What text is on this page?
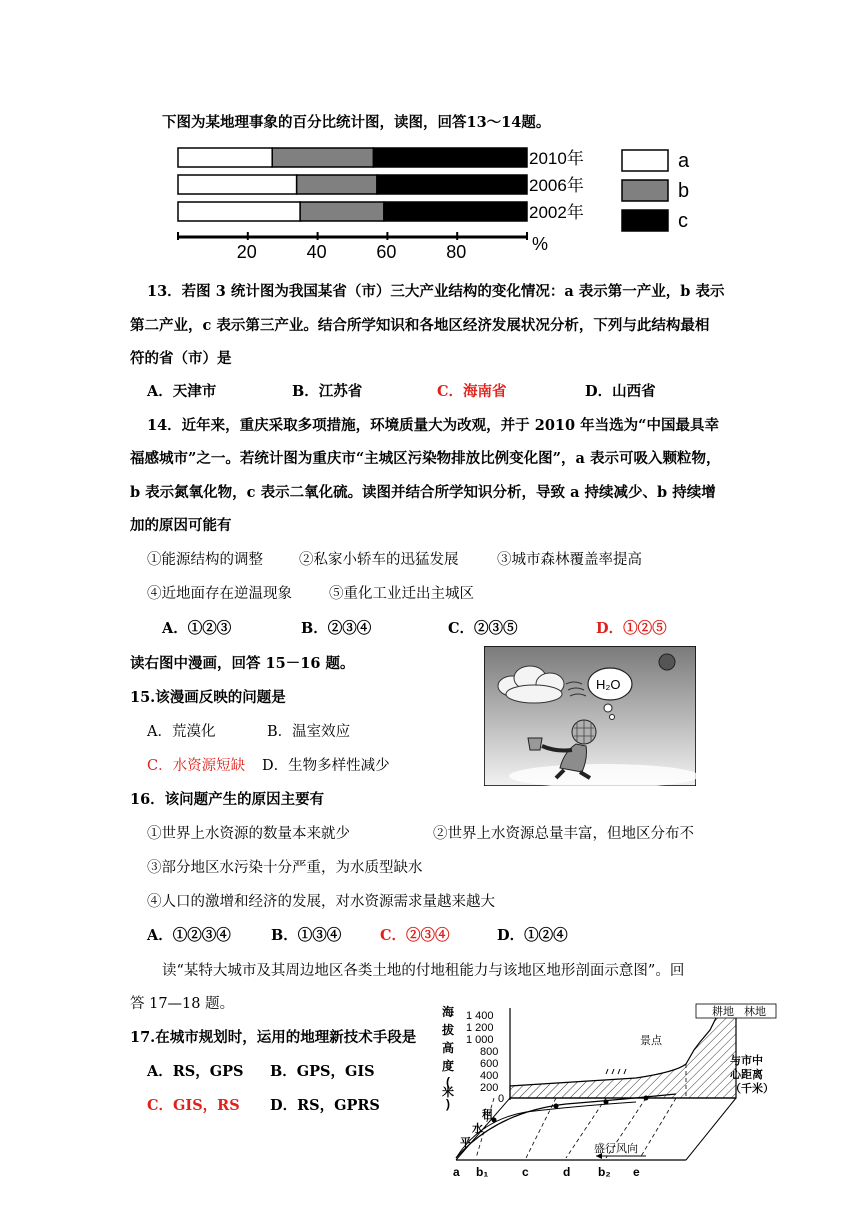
下图为某地理事象的百分比统计图，读图，回答13～14题。
2010年
2006年
2002年
20	40	60	80	%
a
b
c
13．若图 3 统计图为我国某省（市）三大产业结构的变化情况：a 表示第一产业，b 表示
第二产业，c 表示第三产业。结合所学知识和各地区经济发展状况分析，下列与此结构最相
符的省（市）是
A．天津市	B．江苏省	C．海南省	D．山西省
14．近年来，重庆采取多项措施，环境质量大为改观，并于 2010 年当选为“中国最具幸
福感城市”之一。若统计图为重庆市“主城区污染物排放比例变化图”，a 表示可吸入颗粒物，
b 表示氮氧化物，c 表示二氧化硫。读图并结合所学知识分析，导致 a 持续减少、b 持续增
加的原因可能有
①能源结构的调整 ②私家小轿车的迅猛发展	③城市森林覆盖率提高
④近地面存在逆温现象	⑤重化工业迁出主城区
A．①②③	B．②③④	C．②③⑤	D．①②⑤
读右图中漫画，回答 15－16 题。
H₂O
15.该漫画反映的问题是
A．荒漠化	B．温室效应
C．水资源短缺 D．生物多样性减少
16．该问题产生的原因主要有
①世界上水资源的数量本来就少	②世界上水资源总量丰富，但地区分布不
③部分地区水污染十分严重，为水质型缺水
④人口的激增和经济的发展，对水资源需求量越来越大
A．①②③④	B．①③④	C．②③④	D．①②④
读“某特大城市及其周边地区各类土地的付地租能力与该地区地形剖面示意图”。回
答 17—18 题。
17.在城市规划时，运用的地理新技术手段是
A．RS，GPS B．GPS，GIS
C．GIS，RS D．RS，GPRS
海
拔
高
度
(
米
)
1 400
1 200
1 000
800
600
400
200
0
耕地 林地
景点
与市中
心距离
（千米）
租
水
平	盛行风向
a b₁	c	d b₂ e
